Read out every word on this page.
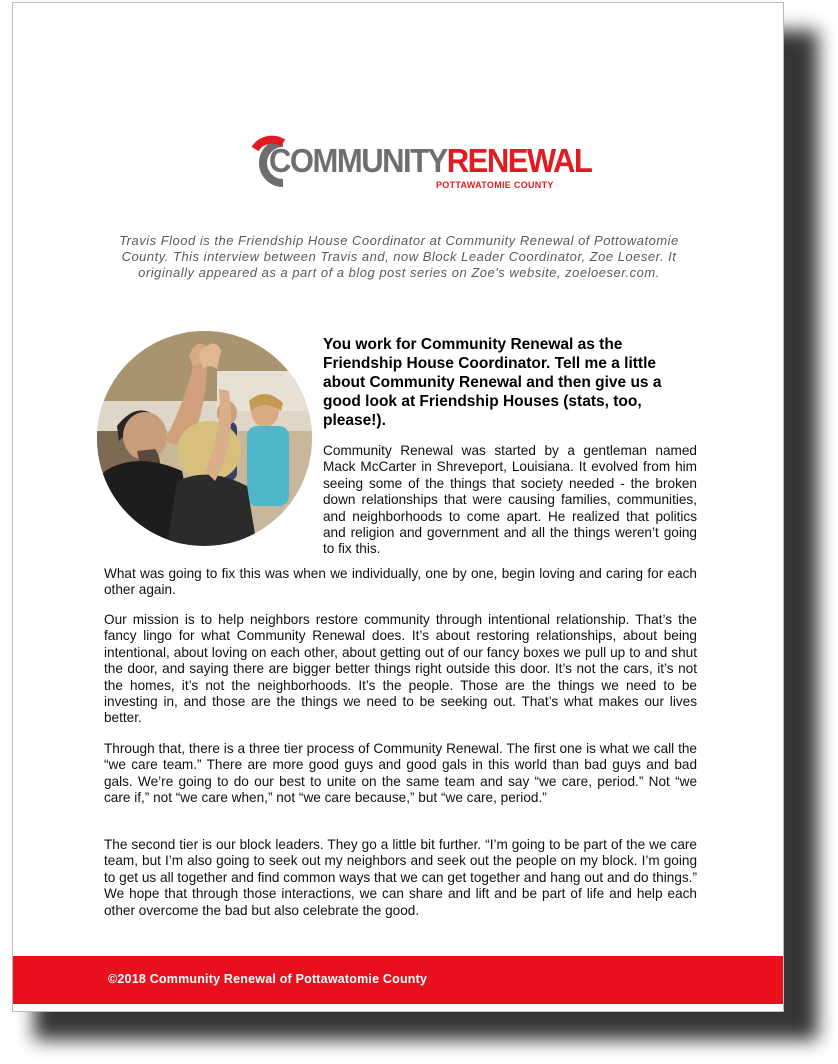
COMMUNITYRENEWAL
POTTAWATOMIE COUNTY
Travis Flood is the Friendship House Coordinator at Community Renewal of Pottowatomie County. This interview between Travis and, now Block Leader Coordinator, Zoe Loeser. It originally appeared as a part of a blog post series on Zoe's website, zoeloeser.com.
You work for Community Renewal as the Friendship House Coordinator. Tell me a little about Community Renewal and then give us a good look at Friendship Houses (stats, too, please!).
Community Renewal was started by a gentleman named Mack McCarter in Shreveport, Louisiana. It evolved from him seeing some of the things that society needed - the broken down relationships that were causing families, communities, and neighborhoods to come apart. He realized that politics and religion and government and all the things weren’t going to fix this.
What was going to fix this was when we individually, one by one, begin loving and caring for each other again.
Our mission is to help neighbors restore community through intentional relationship. That’s the fancy lingo for what Community Renewal does. It’s about restoring relationships, about being intentional, about loving on each other, about getting out of our fancy boxes we pull up to and shut the door, and saying there are bigger better things right outside this door. It’s not the cars, it’s not the homes, it’s not the neighborhoods. It’s the people. Those are the things we need to be investing in, and those are the things we need to be seeking out. That’s what makes our lives better.
Through that, there is a three tier process of Community Renewal. The first one is what we call the “we care team.” There are more good guys and good gals in this world than bad guys and bad gals. We’re going to do our best to unite on the same team and say “we care, period.” Not “we care if,” not “we care when,” not “we care because,” but “we care, period.”
The second tier is our block leaders. They go a little bit further. “I’m going to be part of the we care team, but I’m also going to seek out my neighbors and seek out the people on my block. I’m going to get us all together and find common ways that we can get together and hang out and do things.” We hope that through those interactions, we can share and lift and be part of life and help each other overcome the bad but also celebrate the good.
©2018 Community Renewal of Pottawatomie County
